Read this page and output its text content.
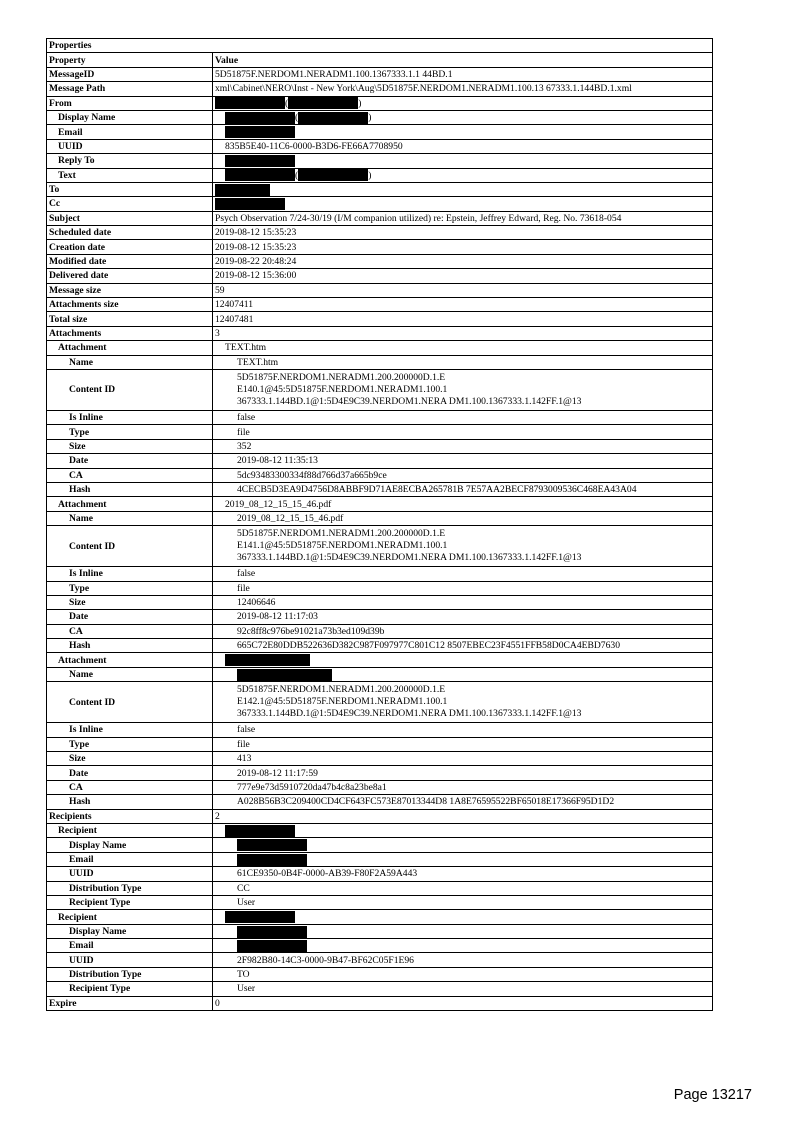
Properties	
Property	Value
MessageID	5D51875F.NERDOM1.NERADM1.100.1367333.1.1 44BD.1
Message Path	xml\Cabinet\NERO\Inst - New York\Aug\5D51875F.NERDOM1.NERADM1.100.13 67333.1.144BD.1.xml
From	( )
Display Name	( )
Email	
UUID	835B5E40-11C6-0000-B3D6-FE66A7708950
Reply To	
Text	( )
To	
Cc	
Subject	Psych Observation 7/24-30/19 (I/M companion utilized) re: Epstein, Jeffrey Edward, Reg. No. 73618-054
Scheduled date	2019-08-12 15:35:23
Creation date	2019-08-12 15:35:23
Modified date	2019-08-22 20:48:24
Delivered date	2019-08-12 15:36:00
Message size	59
Attachments size	12407411
Total size	12407481
Attachments	3
Attachment	TEXT.htm
Name	TEXT.htm
Content ID	5D51875F.NERDOM1.NERADM1.200.200000D.1.E
E140.1@45:5D51875F.NERDOM1.NERADM1.100.1
367333.1.144BD.1@1:5D4E9C39.NERDOM1.NERA DM1.100.1367333.1.142FF.1@13

Is Inline	false
Type	file
Size	352
Date	2019-08-12 11:35:13
CA	5dc93483300334f88d766d37a665b9ce
Hash	4CECB5D3EA9D4756D8ABBF9D71AE8ECBA265781B 7E57AA2BECF8793009536C468EA43A04
Attachment	2019_08_12_15_15_46.pdf
Name	2019_08_12_15_15_46.pdf
Content ID	5D51875F.NERDOM1.NERADM1.200.200000D.1.E
E141.1@45:5D51875F.NERDOM1.NERADM1.100.1
367333.1.144BD.1@1:5D4E9C39.NERDOM1.NERA DM1.100.1367333.1.142FF.1@13

Is Inline	false
Type	file
Size	12406646
Date	2019-08-12 11:17:03
CA	92c8ff8c976be91021a73b3ed109d39b
Hash	665C72E80DDB522636D382C987F097977C801C12 8507EBEC23F4551FFB58D0CA4EBD7630
Attachment	
Name	
Content ID	5D51875F.NERDOM1.NERADM1.200.200000D.1.E
E142.1@45:5D51875F.NERDOM1.NERADM1.100.1
367333.1.144BD.1@1:5D4E9C39.NERDOM1.NERA DM1.100.1367333.1.142FF.1@13

Is Inline	false
Type	file
Size	413
Date	2019-08-12 11:17:59
CA	777e9e73d5910720da47b4c8a23be8a1
Hash	A028B56B3C209400CD4CF643FC573E87013344D8 1A8E76595522BF65018E17366F95D1D2
Recipients	2
Recipient	
Display Name	
Email	
UUID	61CE9350-0B4F-0000-AB39-F80F2A59A443
Distribution Type	CC
Recipient Type	User
Recipient	
Display Name	
Email	
UUID	2F982B80-14C3-0000-9B47-BF62C05F1E96
Distribution Type	TO
Recipient Type	User
Expire	0
Page 13217
